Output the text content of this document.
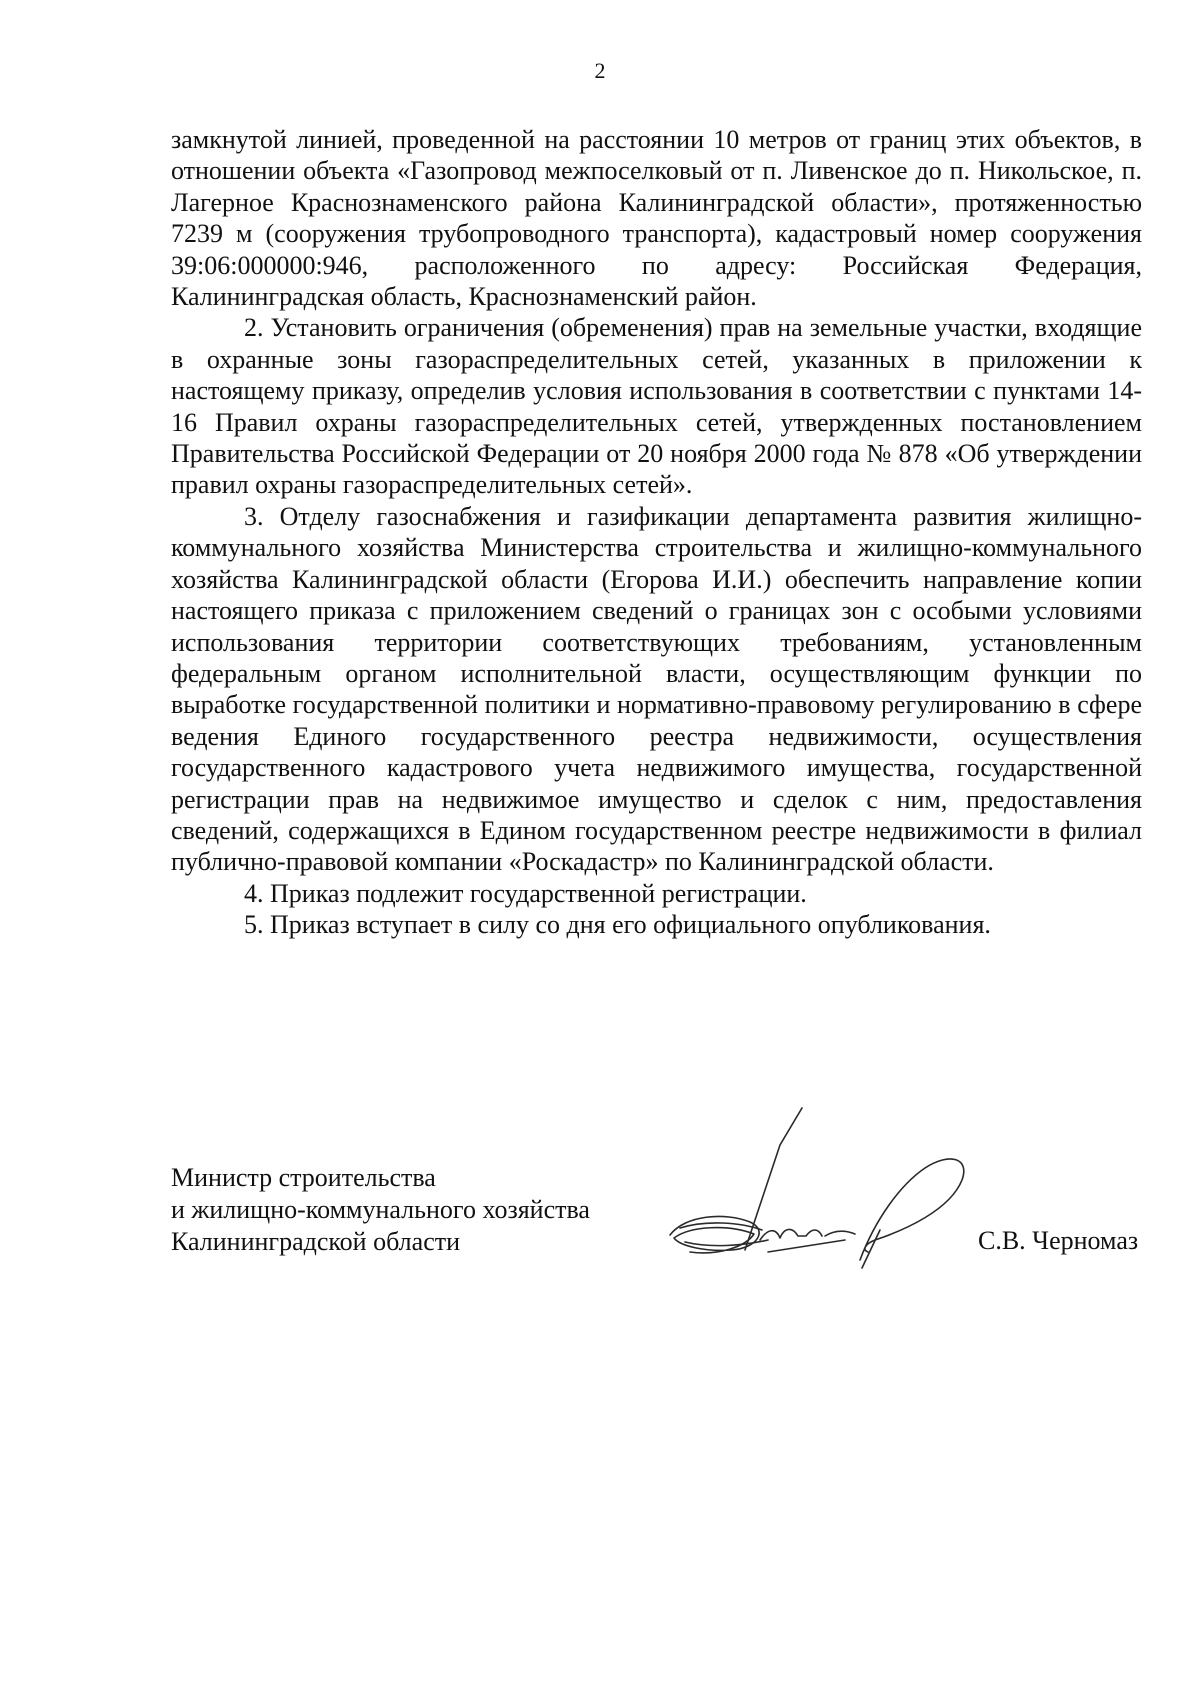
2

замкнутой линией, проведенной на расстоянии 10 метров от границ этих объектов, в отношении объекта «Газопровод межпоселковый от п. Ливенское до п. Никольское, п. Лагерное Краснознаменского района Калининградской области», протяженностью 7239 м (сооружения трубопроводного транспорта), кадастровый номер сооружения 39:06:000000:946, расположенного по адресу: Российская Федерация, Калининградская область, Краснознаменский район.

2. Установить ограничения (обременения) прав на земельные участки, входящие в охранные зоны газораспределительных сетей, указанных в приложении к настоящему приказу, определив условия использования в соответствии с пунктами 14-16 Правил охраны газораспределительных сетей, утвержденных постановлением Правительства Российской Федерации от 20 ноября 2000 года № 878 «Об утверждении правил охраны газораспределительных сетей».

3. Отделу газоснабжения и газификации департамента развития жилищно-коммунального хозяйства Министерства строительства и жилищно-коммунального хозяйства Калининградской области (Егорова И.И.) обеспечить направление копии настоящего приказа с приложением сведений о границах зон с особыми условиями использования территории соответствующих требованиям, установленным федеральным органом исполнительной власти, осуществляющим функции по выработке государственной политики и нормативно-правовому регулированию в сфере ведения Единого государственного реестра недвижимости, осуществления государственного кадастрового учета недвижимого имущества, государственной регистрации прав на недвижимое имущество и сделок с ним, предоставления сведений, содержащихся в Едином государственном реестре недвижимости в филиал публично-правовой компании «Роскадастр» по Калининградской области.

4. Приказ подлежит государственной регистрации.

5. Приказ вступает в силу со дня его официального опубликования.

Министр строительства
и жилищно-коммунального хозяйства
Калининградской области	С.В. Черномаз
